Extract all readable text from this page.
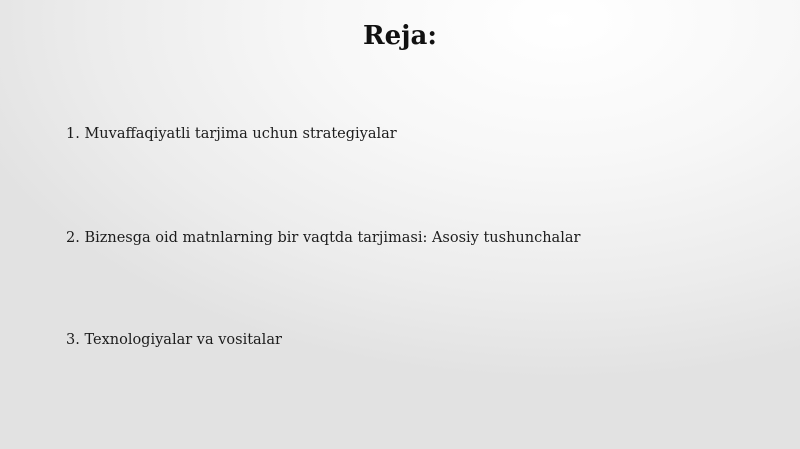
Reja:
1. Muvaffaqiyatli tarjima uchun strategiyalar
2. Biznesga oid matnlarning bir vaqtda tarjimasi: Asosiy tushunchalar
3. Texnologiyalar va vositalar
